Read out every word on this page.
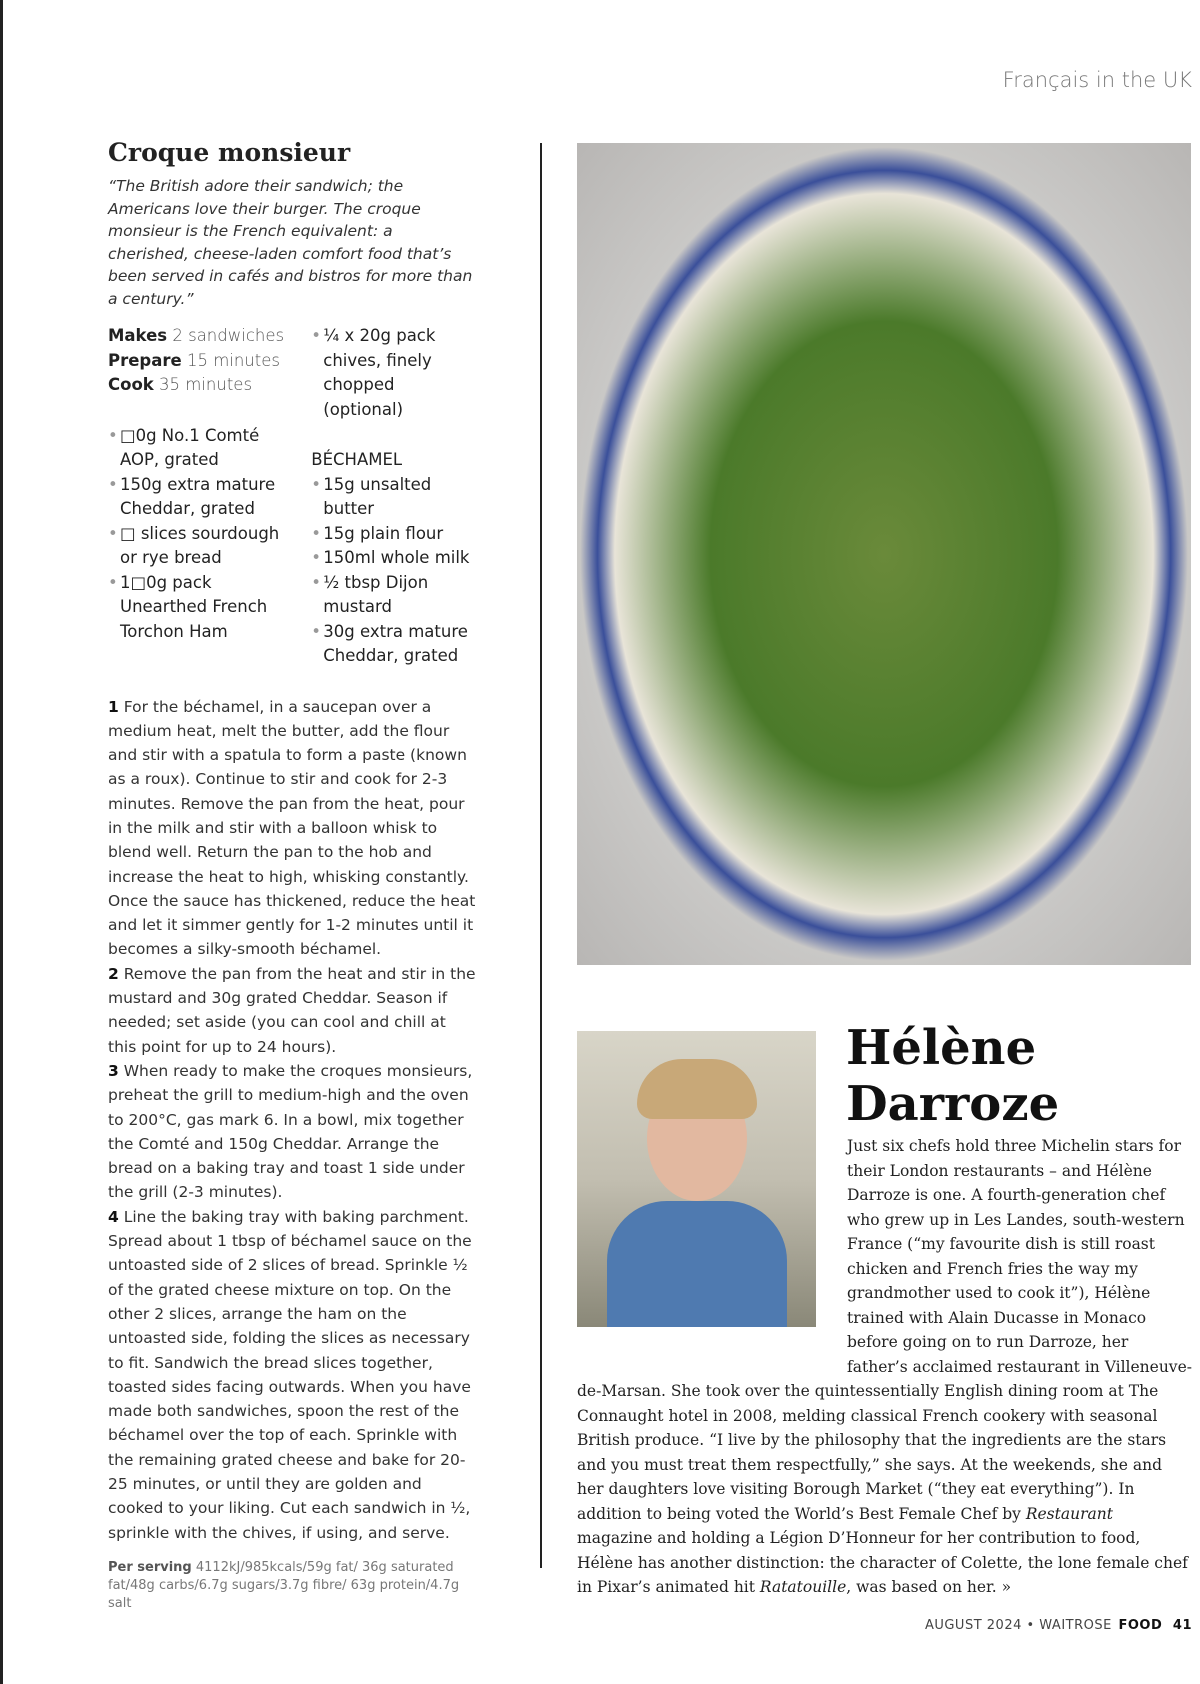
Français in the UK
Croque monsieur

“The British adore their sandwich; the Americans love their burger. The croque monsieur is the French equivalent: a cherished, cheese-laden comfort food that’s been served in cafés and bistros for more than a century.”

Makes 2 sandwiches
Prepare 15 minutes
Cook 35 minutes
• □0g No.1 Comté AOP, grated
• 150g extra mature Cheddar, grated
• □ slices sourdough or rye bread
• 1□0g pack Unearthed French Torchon Ham
• ¼ x 20g pack chives, finely chopped (optional)
BÉCHAMEL
• 15g unsalted butter
• 15g plain flour
• 150ml whole milk
• ½ tbsp Dijon mustard
• 30g extra mature Cheddar, grated

1 For the béchamel, in a saucepan over a medium heat, melt the butter, add the flour and stir with a spatula to form a paste (known as a roux). Continue to stir and cook for 2-3 minutes. Remove the pan from the heat, pour in the milk and stir with a balloon whisk to blend well. Return the pan to the hob and increase the heat to high, whisking constantly. Once the sauce has thickened, reduce the heat and let it simmer gently for 1-2 minutes until it becomes a silky-smooth béchamel.

2 Remove the pan from the heat and stir in the mustard and 30g grated Cheddar. Season if needed; set aside (you can cool and chill at this point for up to 24 hours).

3 When ready to make the croques monsieurs, preheat the grill to medium-high and the oven to 200°C, gas mark 6. In a bowl, mix together the Comté and 150g Cheddar. Arrange the bread on a baking tray and toast 1 side under the grill (2-3 minutes).

4 Line the baking tray with baking parchment. Spread about 1 tbsp of béchamel sauce on the untoasted side of 2 slices of bread. Sprinkle ½ of the grated cheese mixture on top. On the other 2 slices, arrange the ham on the untoasted side, folding the slices as necessary to fit. Sandwich the bread slices together, toasted sides facing outwards. When you have made both sandwiches, spoon the rest of the béchamel over the top of each. Sprinkle with the remaining grated cheese and bake for 20-25 minutes, or until they are golden and cooked to your liking. Cut each sandwich in ½, sprinkle with the chives, if using, and serve.

Per serving 4112kJ/985kcals/59g fat/ 36g saturated fat/48g carbs/6.7g sugars/3.7g fibre/ 63g protein/4.7g salt
Hélène
Darroze
Just six chefs hold three Michelin stars for their London restaurants – and Hélène Darroze is one. A fourth-generation chef who grew up in Les Landes, south-western France (“my favourite dish is still roast chicken and French fries the way my grandmother used to cook it”), Hélène trained with Alain Ducasse in Monaco before going on to run Darroze, her father’s acclaimed restaurant in Villeneuve-de-Marsan. She took over the quintessentially English dining room at The Connaught hotel in 2008, melding classical French cookery with seasonal British produce. “I live by the philosophy that the ingredients are the stars and you must treat them respectfully,” she says. At the weekends, she and her daughters love visiting Borough Market (“they eat everything”). In addition to being voted the World’s Best Female Chef by Restaurant magazine and holding a Légion D’Honneur for her contribution to food, Hélène has another distinction: the character of Colette, the lone female chef in Pixar’s animated hit Ratatouille, was based on her. »
AUGUST 2024 • WAITROSE FOOD 41
